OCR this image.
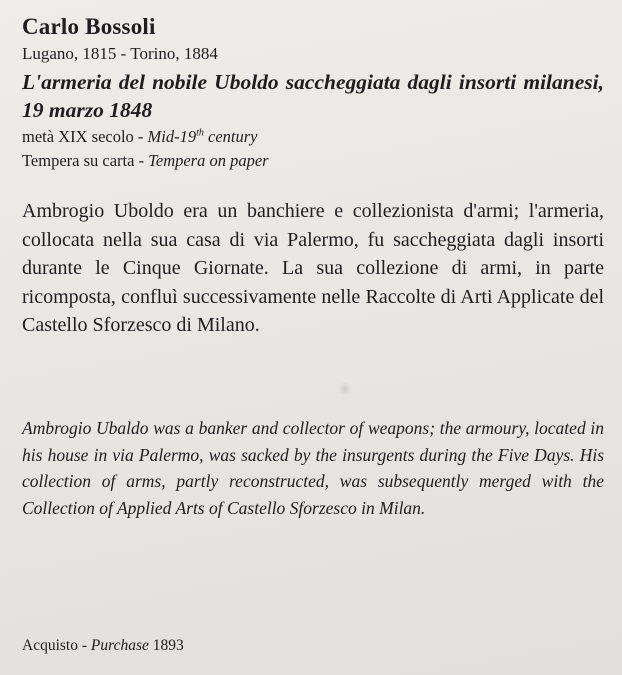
Carlo Bossoli
Lugano, 1815 - Torino, 1884
L'armeria del nobile Uboldo saccheggiata dagli insorti milanesi, 19 marzo 1848
metà XIX secolo - Mid-19th century
Tempera su carta - Tempera on paper

Ambrogio Uboldo era un banchiere e collezionista d'armi; l'armeria, collocata nella sua casa di via Palermo, fu saccheggiata dagli insorti durante le Cinque Giornate. La sua collezione di armi, in parte ricomposta, confluì successivamente nelle Raccolte di Arti Applicate del Castello Sforzesco di Milano.

Ambrogio Ubaldo was a banker and collector of weapons; the armoury, located in his house in via Palermo, was sacked by the insurgents during the Five Days. His collection of arms, partly reconstructed, was subsequently merged with the Collection of Applied Arts of Castello Sforzesco in Milan.

Acquisto - Purchase 1893
